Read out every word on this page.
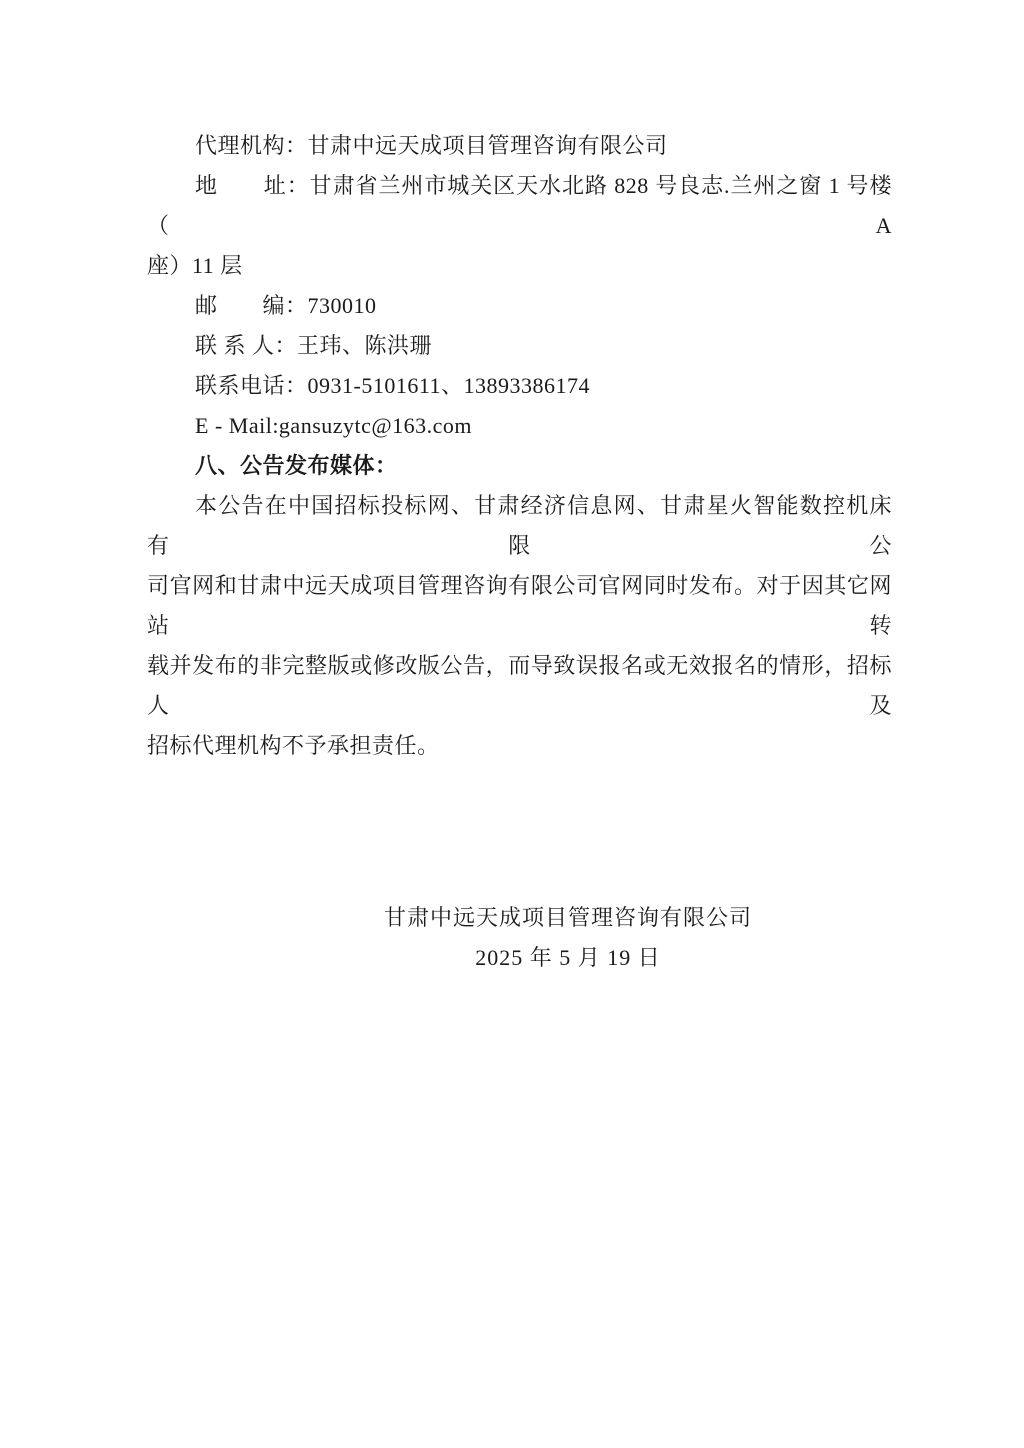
代理机构：甘肃中远天成项目管理咨询有限公司
地　　址：甘肃省兰州市城关区天水北路 828 号良志.兰州之窗 1 号楼（A
座）11 层
邮　　编：730010
联 系 人：王玮、陈洪珊
联系电话：0931-5101611、13893386174
E - Mail:gansuzytc@163.com
八、公告发布媒体：
本公告在中国招标投标网、甘肃经济信息网、甘肃星火智能数控机床有限公
司官网和甘肃中远天成项目管理咨询有限公司官网同时发布。对于因其它网站转
载并发布的非完整版或修改版公告，而导致误报名或无效报名的情形，招标人及
招标代理机构不予承担责任。
甘肃中远天成项目管理咨询有限公司
2025 年 5 月 19 日
